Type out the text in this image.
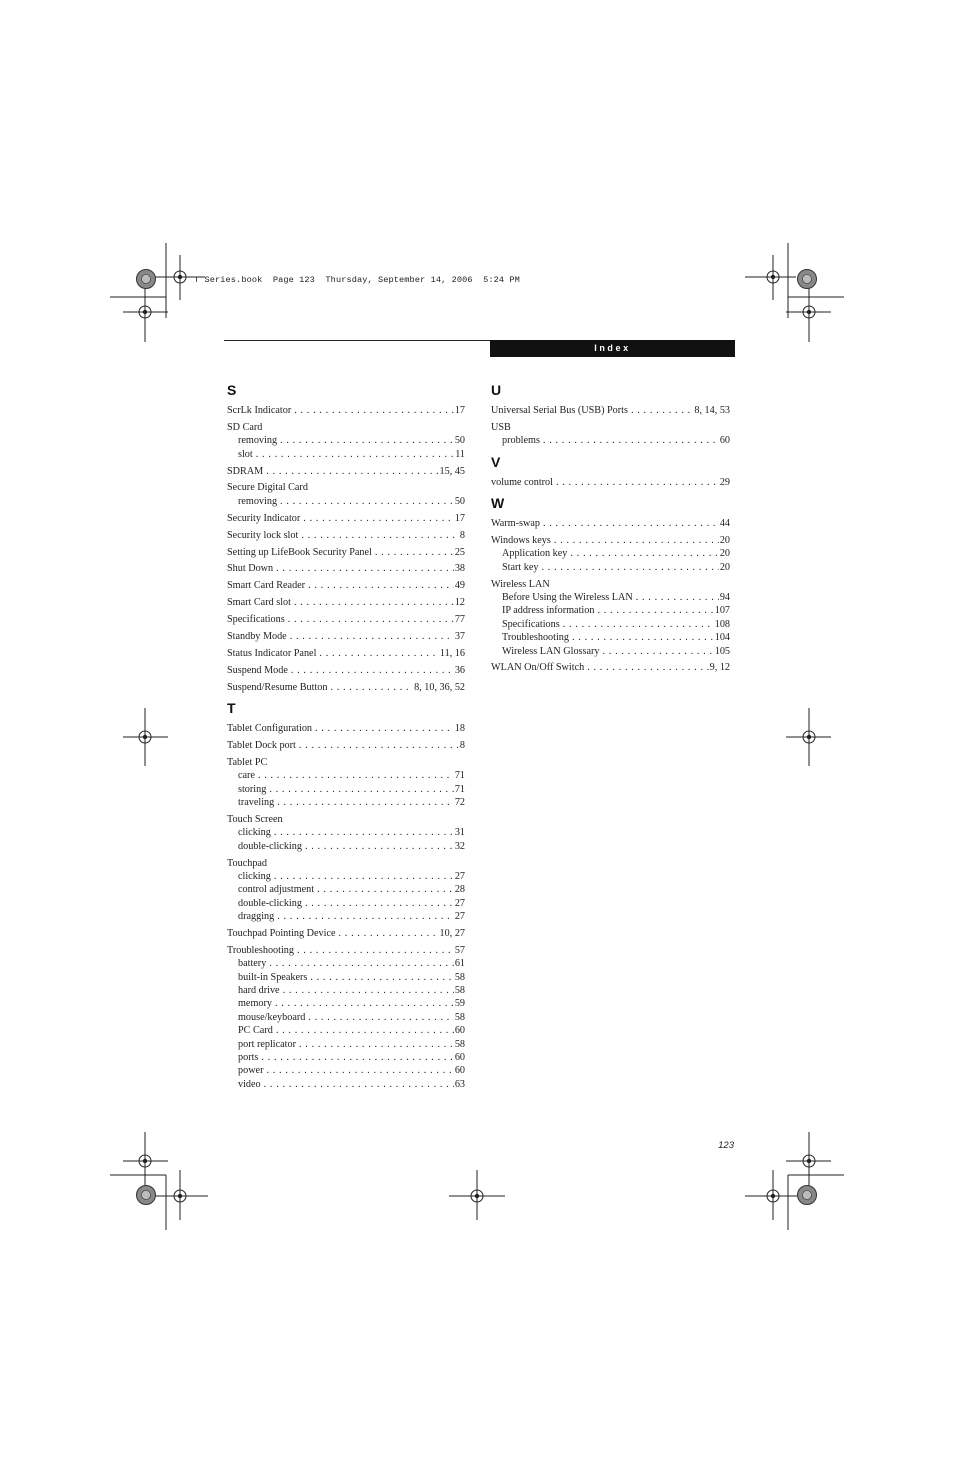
T Series.book  Page 123  Thursday, September 14, 2006  5:24 PM
Index
S
ScrLk Indicator . . .	17
SD Card
removing . . .	50
slot . . .	11
SDRAM . . .	15, 45
Secure Digital Card
removing . . .	50
Security Indicator . . .	17
Security lock slot . . .	8
Setting up LifeBook Security Panel . . .	25
Shut Down . . .	38
Smart Card Reader . . .	49
Smart Card slot . . .	12
Specifications . . .	77
Standby Mode . . .	37
Status Indicator Panel . . .	11, 16
Suspend Mode . . .	36
Suspend/Resume Button . . .	8, 10, 36, 52
T
Tablet Configuration . . .	18
Tablet Dock port . . .	8
Tablet PC
care . . .	71
storing . . .	71
traveling . . .	72
Touch Screen
clicking . . .	31
double-clicking . . .	32
Touchpad
clicking . . .	27
control adjustment . . .	28
double-clicking . . .	27
dragging . . .	27
Touchpad Pointing Device . . .	10, 27
Troubleshooting . . .	57
battery . . .	61
built-in Speakers . . .	58
hard drive . . .	58
memory . . .	59
mouse/keyboard . . .	58
PC Card . . .	60
port replicator . . .	58
ports . . .	60
power . . .	60
video . . .	63
U
Universal Serial Bus (USB) Ports . . .	8, 14, 53
USB
problems . . .	60
V
volume control . . .	29
W
Warm-swap . . .	44
Windows keys . . .	20
Application key . . .	20
Start key . . .	20
Wireless LAN
Before Using the Wireless LAN . . .	94
IP address information . . .	107
Specifications . . .	108
Troubleshooting . . .	104
Wireless LAN Glossary . . .	105
WLAN On/Off Switch . . .	9, 12
123
